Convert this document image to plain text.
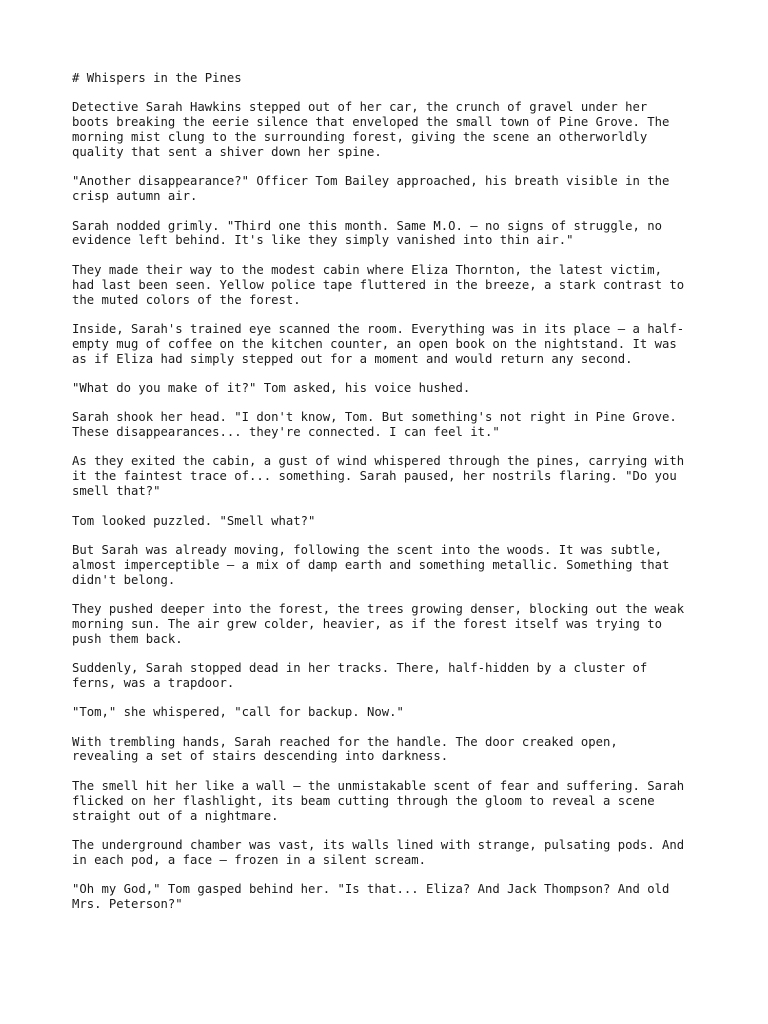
# Whispers in the Pines
Detective Sarah Hawkins stepped out of her car, the crunch of gravel under her
boots breaking the eerie silence that enveloped the small town of Pine Grove. The
morning mist clung to the surrounding forest, giving the scene an otherworldly
quality that sent a shiver down her spine.
"Another disappearance?" Officer Tom Bailey approached, his breath visible in the
crisp autumn air.
Sarah nodded grimly. "Third one this month. Same M.O. – no signs of struggle, no
evidence left behind. It's like they simply vanished into thin air."
They made their way to the modest cabin where Eliza Thornton, the latest victim,
had last been seen. Yellow police tape fluttered in the breeze, a stark contrast to
the muted colors of the forest.
Inside, Sarah's trained eye scanned the room. Everything was in its place – a half-
empty mug of coffee on the kitchen counter, an open book on the nightstand. It was
as if Eliza had simply stepped out for a moment and would return any second.
"What do you make of it?" Tom asked, his voice hushed.
Sarah shook her head. "I don't know, Tom. But something's not right in Pine Grove.
These disappearances... they're connected. I can feel it."
As they exited the cabin, a gust of wind whispered through the pines, carrying with
it the faintest trace of... something. Sarah paused, her nostrils flaring. "Do you
smell that?"
Tom looked puzzled. "Smell what?"
But Sarah was already moving, following the scent into the woods. It was subtle,
almost imperceptible – a mix of damp earth and something metallic. Something that
didn't belong.
They pushed deeper into the forest, the trees growing denser, blocking out the weak
morning sun. The air grew colder, heavier, as if the forest itself was trying to
push them back.
Suddenly, Sarah stopped dead in her tracks. There, half-hidden by a cluster of
ferns, was a trapdoor.
"Tom," she whispered, "call for backup. Now."
With trembling hands, Sarah reached for the handle. The door creaked open,
revealing a set of stairs descending into darkness.
The smell hit her like a wall – the unmistakable scent of fear and suffering. Sarah
flicked on her flashlight, its beam cutting through the gloom to reveal a scene
straight out of a nightmare.
The underground chamber was vast, its walls lined with strange, pulsating pods. And
in each pod, a face – frozen in a silent scream.
"Oh my God," Tom gasped behind her. "Is that... Eliza? And Jack Thompson? And old
Mrs. Peterson?"
